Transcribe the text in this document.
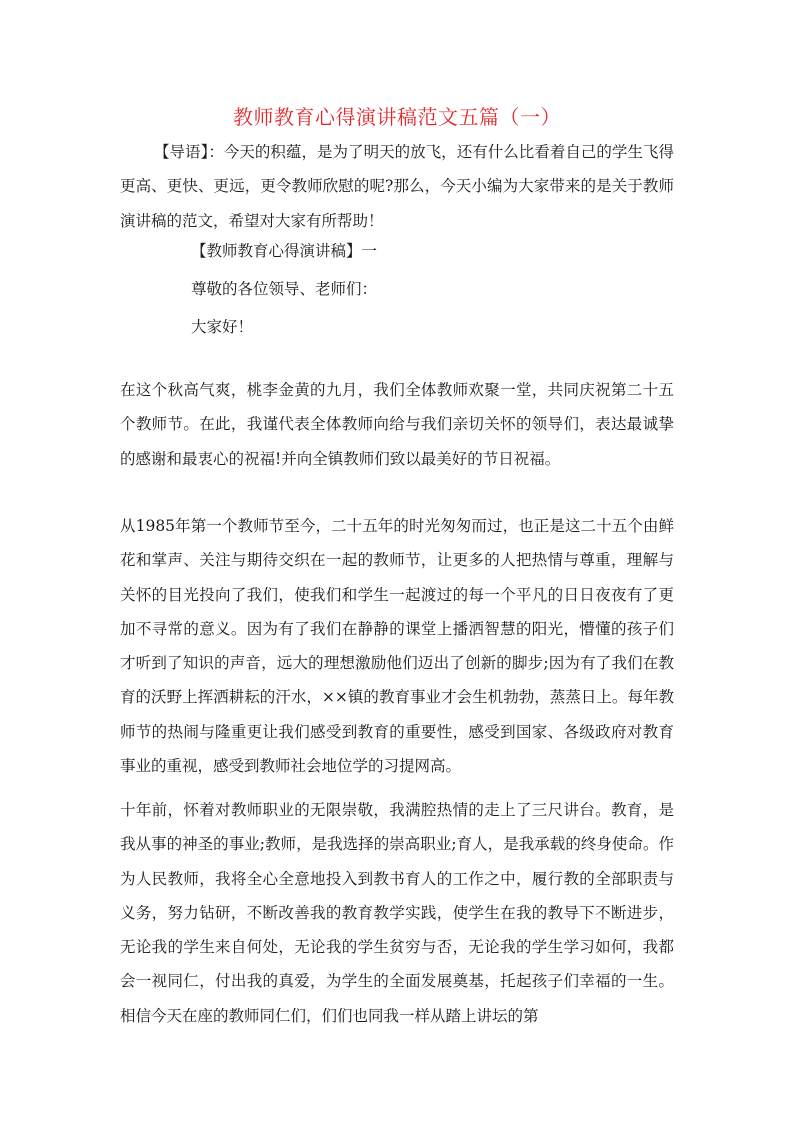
教师教育心得演讲稿范文五篇（一）

【导语】：今天的积蕴，是为了明天的放飞，还有什么比看着自己的学生飞得更高、更快、更远，更令教师欣慰的呢?那么，今天小编为大家带来的是关于教师演讲稿的范文，希望对大家有所帮助！

【教师教育心得演讲稿】一

尊敬的各位领导、老师们：

大家好！

在这个秋高气爽，桃李金黄的九月，我们全体教师欢聚一堂，共同庆祝第二十五个教师节。在此，我谨代表全体教师向给与我们亲切关怀的领导们，表达最诚挚的感谢和最衷心的祝福!并向全镇教师们致以最美好的节日祝福。

从1985年第一个教师节至今，二十五年的时光匆匆而过，也正是这二十五个由鲜花和掌声、关注与期待交织在一起的教师节，让更多的人把热情与尊重，理解与关怀的目光投向了我们，使我们和学生一起渡过的每一个平凡的日日夜夜有了更加不寻常的意义。因为有了我们在静静的课堂上播洒智慧的阳光，懵懂的孩子们才听到了知识的声音，远大的理想激励他们迈出了创新的脚步;因为有了我们在教育的沃野上挥洒耕耘的汗水，××镇的教育事业才会生机勃勃，蒸蒸日上。每年教师节的热闹与隆重更让我们感受到教育的重要性，感受到国家、各级政府对教育事业的重视，感受到教师社会地位学的习提网高。

十年前，怀着对教师职业的无限崇敬，我满腔热情的走上了三尺讲台。教育，是我从事的神圣的事业;教师，是我选择的崇高职业;育人，是我承载的终身使命。作为人民教师，我将全心全意地投入到教书育人的工作之中，履行教的全部职责与义务，努力钻研，不断改善我的教育教学实践，使学生在我的教导下不断进步，无论我的学生来自何处，无论我的学生贫穷与否，无论我的学生学习如何，我都会一视同仁，付出我的真爱，为学生的全面发展奠基，托起孩子们幸福的一生。相信今天在座的教师同仁们，们们也同我一样从踏上讲坛的第
